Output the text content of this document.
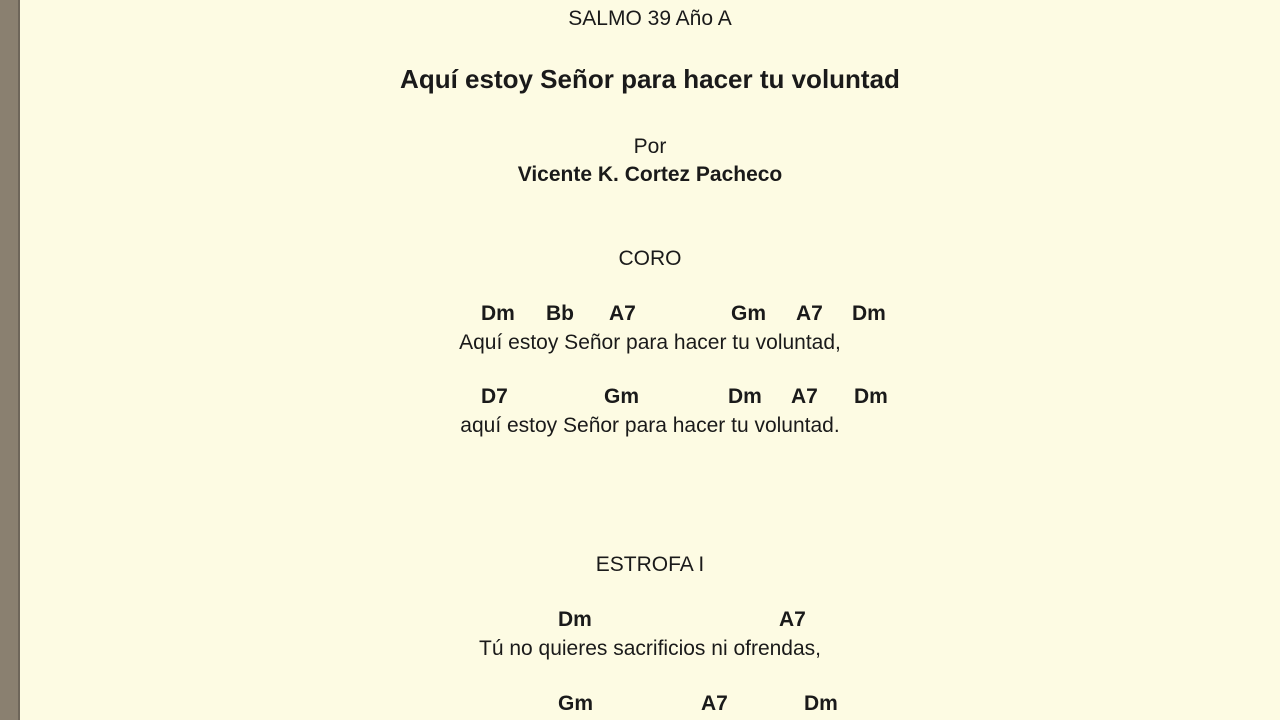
SALMO 39 Año A
Aquí estoy Señor para hacer tu voluntad
Por
Vicente K. Cortez Pacheco
CORO
Dm Bb A7	Gm A7 Dm
Aquí estoy Señor para hacer tu voluntad,
D7	Gm	Dm A7 Dm
aquí estoy Señor para hacer tu voluntad.
ESTROFA I
Dm	A7
Tú no quieres sacrificios ni ofrendas,
Gm	A7	Dm
